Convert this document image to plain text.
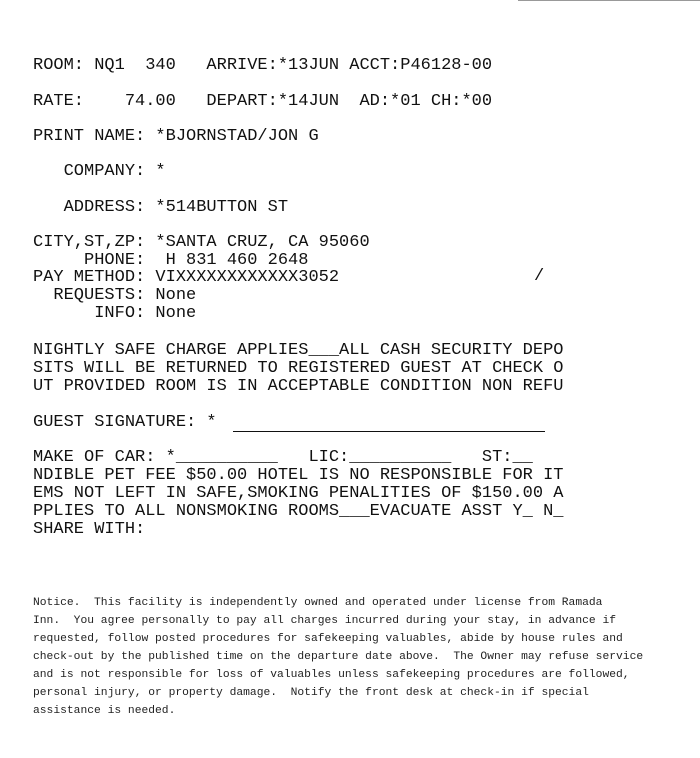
ROOM: NQ1  340   ARRIVE:*13JUN ACCT:P46128-00
RATE:    74.00   DEPART:*14JUN  AD:*01 CH:*00
PRINT NAME: *BJORNSTAD/JON G
COMPANY: *
ADDRESS: *514BUTTON ST
CITY,ST,ZP: *SANTA CRUZ, CA 95060
PHONE:  H 831 460 2648
PAY METHOD: VIXXXXXXXXXXXX3052	/
REQUESTS: None
INFO: None
NIGHTLY SAFE CHARGE APPLIES___ALL CASH SECURITY DEPO
SITS WILL BE RETURNED TO REGISTERED GUEST AT CHECK O
UT PROVIDED ROOM IS IN ACCEPTABLE CONDITION NON REFU
GUEST SIGNATURE: *
MAKE OF CAR: *__________   LIC:__________   ST:__
NDIBLE PET FEE $50.00 HOTEL IS NO RESPONSIBLE FOR IT
EMS NOT LEFT IN SAFE,SMOKING PENALITIES OF $150.00 A
PPLIES TO ALL NONSMOKING ROOMS___EVACUATE ASST Y_ N_
SHARE WITH:
Notice.  This facility is independently owned and operated under license from Ramada
Inn.  You agree personally to pay all charges incurred during your stay, in advance if
requested, follow posted procedures for safekeeping valuables, abide by house rules and
check-out by the published time on the departure date above.  The Owner may refuse service
and is not responsible for loss of valuables unless safekeeping procedures are followed,
personal injury, or property damage.  Notify the front desk at check-in if special
assistance is needed.
